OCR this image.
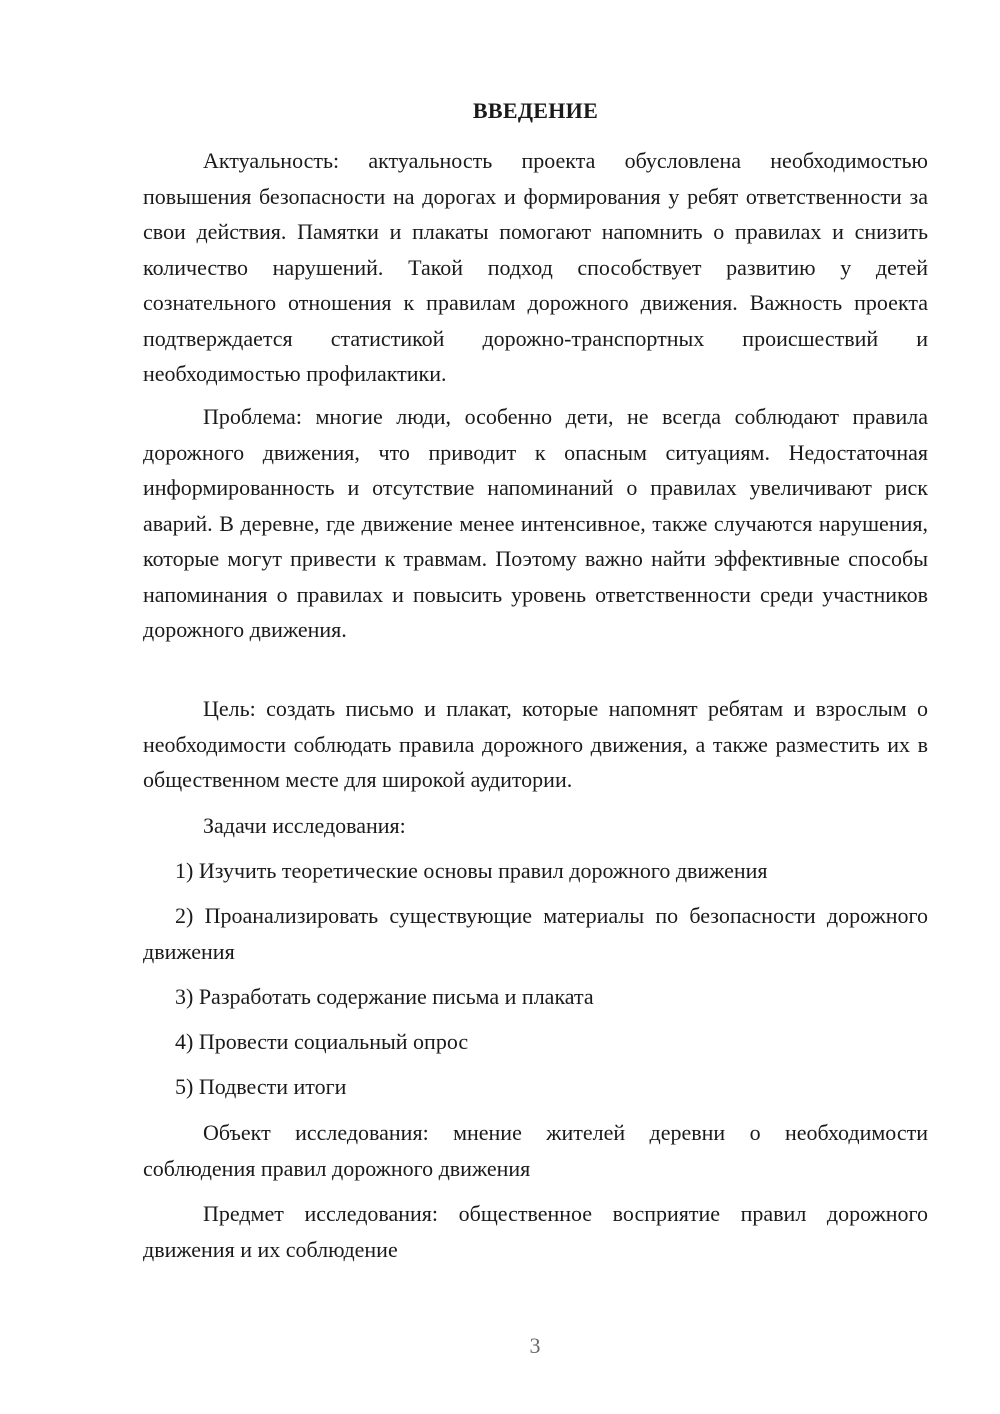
ВВЕДЕНИЕ

Актуальность: актуальность проекта обусловлена необходимостью повышения безопасности на дорогах и формирования у ребят ответственности за свои действия. Памятки и плакаты помогают напомнить о правилах и снизить количество нарушений. Такой подход способствует развитию у детей сознательного отношения к правилам дорожного движения. Важность проекта подтверждается статистикой дорожно-транспортных происшествий и необходимостью профилактики.

Проблема: многие люди, особенно дети, не всегда соблюдают правила дорожного движения, что приводит к опасным ситуациям. Недостаточная информированность и отсутствие напоминаний о правилах увеличивают риск аварий. В деревне, где движение менее интенсивное, также случаются нарушения, которые могут привести к травмам. Поэтому важно найти эффективные способы напоминания о правилах и повысить уровень ответственности среди участников дорожного движения.

Цель: создать письмо и плакат, которые напомнят ребятам и взрослым о необходимости соблюдать правила дорожного движения, а также разместить их в общественном месте для широкой аудитории.

Задачи исследования:

1) Изучить теоретические основы правил дорожного движения

2) Проанализировать существующие материалы по безопасности дорожного движения

3) Разработать содержание письма и плаката

4) Провести социальный опрос

5) Подвести итоги

Объект исследования: мнение жителей деревни о необходимости соблюдения правил дорожного движения

Предмет исследования: общественное восприятие правил дорожного движения и их соблюдение

3
